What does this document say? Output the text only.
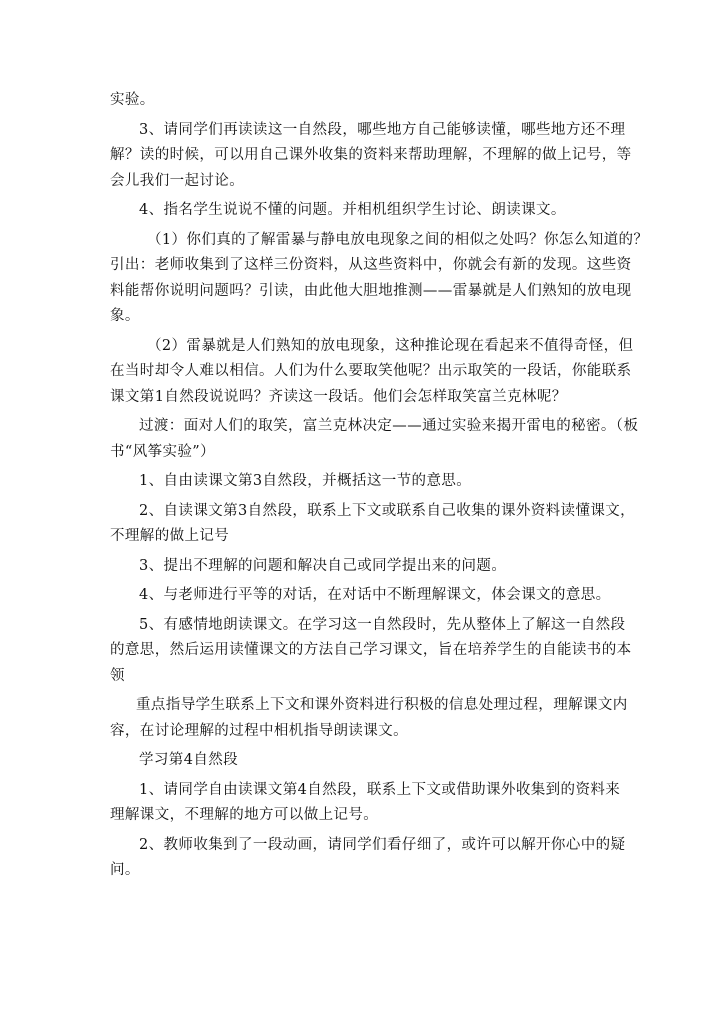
实验。
3、请同学们再读读这一自然段，哪些地方自己能够读懂，哪些地方还不理
解？读的时候，可以用自己课外收集的资料来帮助理解，不理解的做上记号，等
会儿我们一起讨论。
4、指名学生说说不懂的问题。并相机组织学生讨论、朗读课文。
（1）你们真的了解雷暴与静电放电现象之间的相似之处吗？你怎么知道的？
引出：老师收集到了这样三份资料，从这些资料中，你就会有新的发现。这些资
料能帮你说明问题吗？引读，由此他大胆地推测——雷暴就是人们熟知的放电现
象。
（2）雷暴就是人们熟知的放电现象，这种推论现在看起来不值得奇怪，但
在当时却令人难以相信。人们为什么要取笑他呢？出示取笑的一段话，你能联系
课文第1自然段说说吗？齐读这一段话。他们会怎样取笑富兰克林呢？
过渡：面对人们的取笑，富兰克林决定——通过实验来揭开雷电的秘密。（板
书“风筝实验”）
1、自由读课文第3自然段，并概括这一节的意思。
2、自读课文第3自然段，联系上下文或联系自己收集的课外资料读懂课文，
不理解的做上记号
3、提出不理解的问题和解决自己或同学提出来的问题。
4、与老师进行平等的对话，在对话中不断理解课文，体会课文的意思。
5、有感情地朗读课文。在学习这一自然段时，先从整体上了解这一自然段
的意思，然后运用读懂课文的方法自己学习课文，旨在培养学生的自能读书的本
领
重点指导学生联系上下文和课外资料进行积极的信息处理过程，理解课文内
容，在讨论理解的过程中相机指导朗读课文。
学习第4自然段
1、请同学自由读课文第4自然段，联系上下文或借助课外收集到的资料来
理解课文，不理解的地方可以做上记号。
2、教师收集到了一段动画，请同学们看仔细了，或许可以解开你心中的疑
问。
